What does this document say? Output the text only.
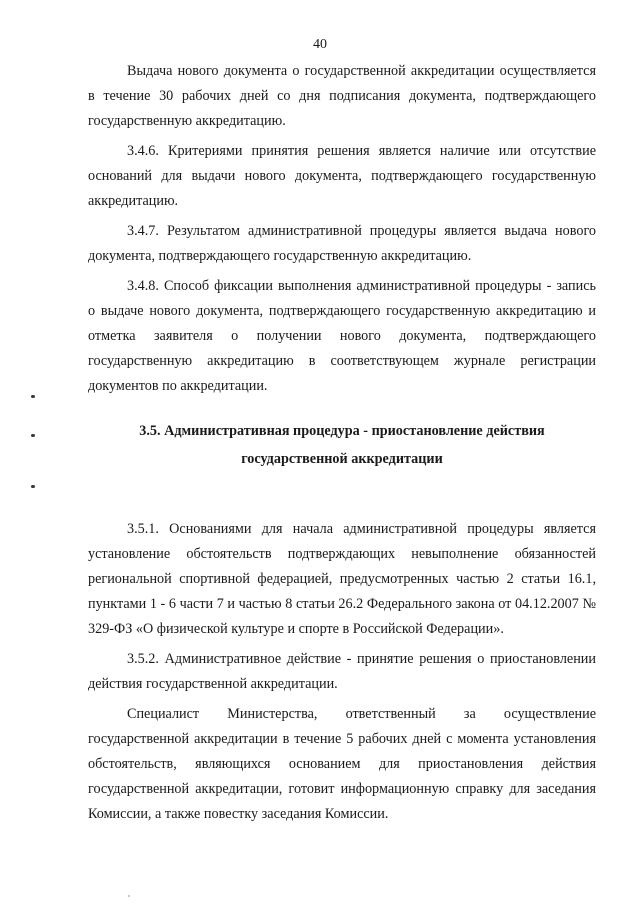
40

Выдача нового документа о государственной аккредитации осуществляется в течение 30 рабочих дней со дня подписания документа, подтверждающего государственную аккредитацию.

3.4.6. Критериями принятия решения является наличие или отсутствие оснований для выдачи нового документа, подтверждающего государственную аккредитацию.

3.4.7. Результатом административной процедуры является выдача нового документа, подтверждающего государственную аккредитацию.

3.4.8. Способ фиксации выполнения административной процедуры - запись о выдаче нового документа, подтверждающего государственную аккредитацию и отметка заявителя о получении нового документа, подтверждающего государственную аккредитацию в соответствующем журнале регистрации документов по аккредитации.

3.5. Административная процедура - приостановление действия
государственной аккредитации

3.5.1. Основаниями для начала административной процедуры является установление обстоятельств подтверждающих невыполнение обязанностей региональной спортивной федерацией, предусмотренных частью 2 статьи 16.1, пунктами 1 - 6 части 7 и частью 8 статьи 26.2 Федерального закона от 04.12.2007 № 329-ФЗ «О физической культуре и спорте в Российской Федерации».

3.5.2. Административное действие - принятие решения о приостановлении действия государственной аккредитации.

Специалист Министерства, ответственный за осуществление государственной аккредитации в течение 5 рабочих дней с момента установления обстоятельств, являющихся основанием для приостановления действия государственной аккредитации, готовит информационную справку для заседания Комиссии, а также повестку заседания Комиссии.
